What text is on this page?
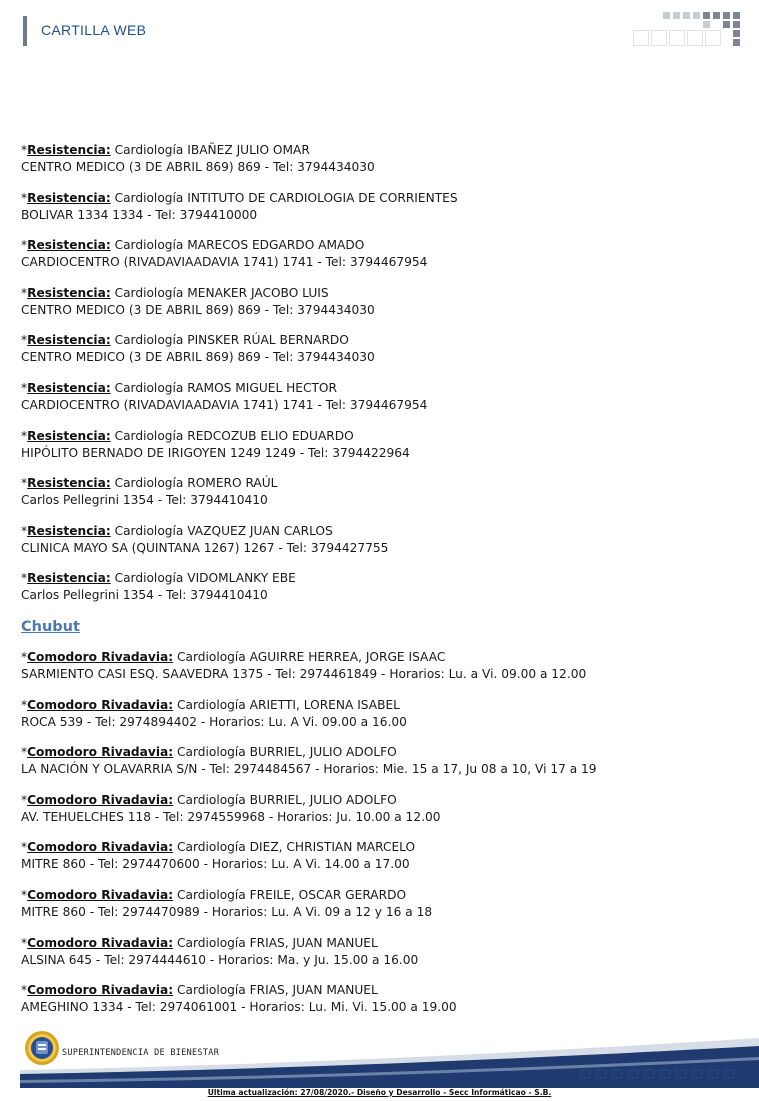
CARTILLA WEB
*Resistencia: Cardiología IBAÑEZ JULIO OMAR
CENTRO MEDICO (3 DE ABRIL 869) 869 - Tel: 3794434030
*Resistencia: Cardiología INTITUTO DE CARDIOLOGIA DE CORRIENTES
BOLIVAR 1334 1334 - Tel: 3794410000
*Resistencia: Cardiología MARECOS EDGARDO AMADO
CARDIOCENTRO (RIVADAVIAADAVIA 1741) 1741 - Tel: 3794467954
*Resistencia: Cardiología MENAKER JACOBO LUIS
CENTRO MEDICO (3 DE ABRIL 869) 869 - Tel: 3794434030
*Resistencia: Cardiología PINSKER RÚAL BERNARDO
CENTRO MEDICO (3 DE ABRIL 869) 869 - Tel: 3794434030
*Resistencia: Cardiología RAMOS MIGUEL HECTOR
CARDIOCENTRO (RIVADAVIAADAVIA 1741) 1741 - Tel: 3794467954
*Resistencia: Cardiología REDCOZUB ELIO EDUARDO
HIPÓLITO BERNADO DE IRIGOYEN 1249 1249 - Tel: 3794422964
*Resistencia: Cardiología ROMERO RAÚL
Carlos Pellegrini 1354 - Tel: 3794410410
*Resistencia: Cardiología VAZQUEZ JUAN CARLOS
CLINICA MAYO SA (QUINTANA 1267) 1267 - Tel: 3794427755
*Resistencia: Cardiología VIDOMLANKY EBE
Carlos Pellegrini 1354 - Tel: 3794410410
Chubut
*Comodoro Rivadavia: Cardiología AGUIRRE HERREA, JORGE ISAAC
SARMIENTO CASI ESQ. SAAVEDRA 1375 - Tel: 2974461849 - Horarios: Lu. a Vi. 09.00 a 12.00
*Comodoro Rivadavia: Cardiología ARIETTI, LORENA ISABEL
ROCA 539 - Tel: 2974894402 - Horarios: Lu. A Vi. 09.00 a 16.00
*Comodoro Rivadavia: Cardiología BURRIEL, JULIO ADOLFO
LA NACIÓN Y OLAVARRIA S/N - Tel: 2974484567 - Horarios: Mie. 15 a 17, Ju 08 a 10, Vi 17 a 19
*Comodoro Rivadavia: Cardiología BURRIEL, JULIO ADOLFO
AV. TEHUELCHES 118 - Tel: 2974559968 - Horarios: Ju. 10.00 a 12.00
*Comodoro Rivadavia: Cardiología DIEZ, CHRISTIAN MARCELO
MITRE 860 - Tel: 2974470600 - Horarios: Lu. A Vi. 14.00 a 17.00
*Comodoro Rivadavia: Cardiología FREILE, OSCAR GERARDO
MITRE 860 - Tel: 2974470989 - Horarios: Lu. A Vi. 09 a 12 y 16 a 18
*Comodoro Rivadavia: Cardiología FRIAS, JUAN MANUEL
ALSINA 645 - Tel: 2974444610 - Horarios: Ma. y Ju. 15.00 a 16.00
*Comodoro Rivadavia: Cardiología FRIAS, JUAN MANUEL
AMEGHINO 1334 - Tel: 2974061001 - Horarios: Lu. Mi. Vi. 15.00 a 19.00
SUPERINTENDENCIA DE BIENESTAR
Ultima actualización: 27/08/2020.- Diseño y Desarrollo - Secc Informáticao - S.B.
